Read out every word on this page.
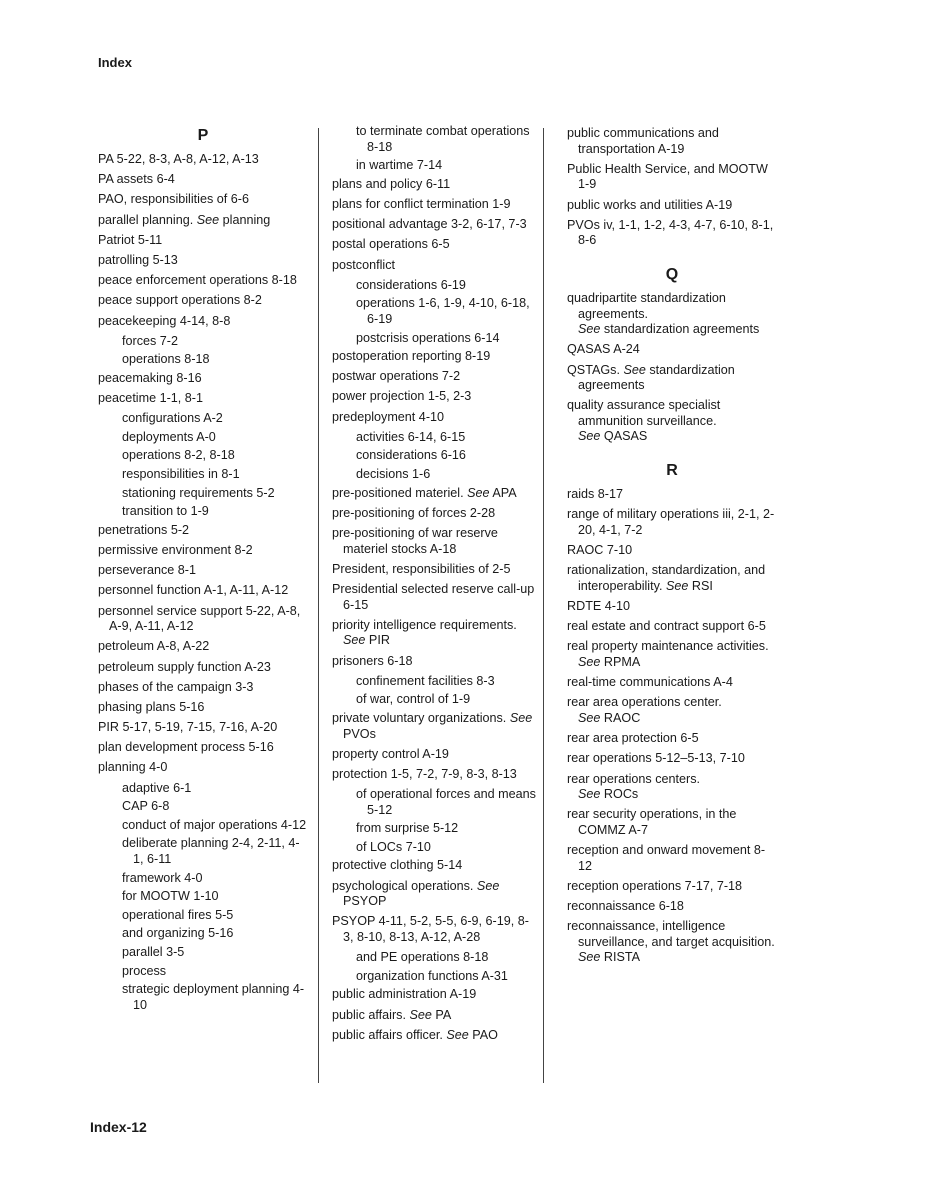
Index
P
PA 5-22, 8-3, A-8, A-12, A-13
PA assets 6-4
PAO, responsibilities of 6-6
parallel planning. See planning
Patriot 5-11
patrolling 5-13
peace enforcement operations 8-18
peace support operations 8-2
peacekeeping 4-14, 8-8
forces 7-2
operations 8-18
peacemaking 8-16
peacetime 1-1, 8-1
configurations A-2
deployments A-0
operations 8-2, 8-18
responsibilities in 8-1
stationing requirements 5-2
transition to 1-9
penetrations 5-2
permissive environment 8-2
perseverance 8-1
personnel function A-1, A-11, A-12
personnel service support 5-22, A-8, A-9, A-11, A-12
petroleum A-8, A-22
petroleum supply function A-23
phases of the campaign 3-3
phasing plans 5-16
PIR 5-17, 5-19, 7-15, 7-16, A-20
plan development process 5-16
planning 4-0
adaptive 6-1
CAP 6-8
conduct of major operations 4-12
deliberate planning 2-4, 2-11, 4-1, 6-11
framework 4-0
for MOOTW 1-10
operational fires 5-5
and organizing 5-16
parallel 3-5
process
strategic deployment planning 4-10
to terminate combat operations 8-18
in wartime 7-14
plans and policy 6-11
plans for conflict termination 1-9
positional advantage 3-2, 6-17, 7-3
postal operations 6-5
postconflict
considerations 6-19
operations 1-6, 1-9, 4-10, 6-18, 6-19
postcrisis operations 6-14
postoperation reporting 8-19
postwar operations 7-2
power projection 1-5, 2-3
predeployment 4-10
activities 6-14, 6-15
considerations 6-16
decisions 1-6
pre-positioned materiel. See APA
pre-positioning of forces 2-28
pre-positioning of war reserve materiel stocks A-18
President, responsibilities of 2-5
Presidential selected reserve call-up 6-15
priority intelligence requirements. See PIR
prisoners 6-18
confinement facilities 8-3
of war, control of 1-9
private voluntary organizations. See PVOs
property control A-19
protection 1-5, 7-2, 7-9, 8-3, 8-13
of operational forces and means 5-12
from surprise 5-12
of LOCs 7-10
protective clothing 5-14
psychological operations. See PSYOP
PSYOP 4-11, 5-2, 5-5, 6-9, 6-19, 8-3, 8-10, 8-13, A-12, A-28
and PE operations 8-18
organization functions A-31
public administration A-19
public affairs. See PA
public affairs officer. See PAO
public communications and transportation A-19
Public Health Service, and MOOTW 1-9
public works and utilities A-19
PVOs iv, 1-1, 1-2, 4-3, 4-7, 6-10, 8-1, 8-6
Q
quadripartite standardization agreements.
See standardization agreements
QASAS A-24
QSTAGs. See standardization agreements
quality assurance specialist ammunition surveillance.
See QASAS
R
raids 8-17
range of military operations iii, 2-1, 2-20, 4-1, 7-2
RAOC 7-10
rationalization, standardization, and interoperability. See RSI
RDTE 4-10
real estate and contract support 6-5
real property maintenance activities. See RPMA
real-time communications A-4
rear area operations center.
See RAOC
rear area protection 6-5
rear operations 5-12–5-13, 7-10
rear operations centers.
See ROCs
rear security operations, in the COMMZ A-7
reception and onward movement 8-12
reception operations 7-17, 7-18
reconnaissance 6-18
reconnaissance, intelligence surveillance, and target acquisition. See RISTA
Index-12
